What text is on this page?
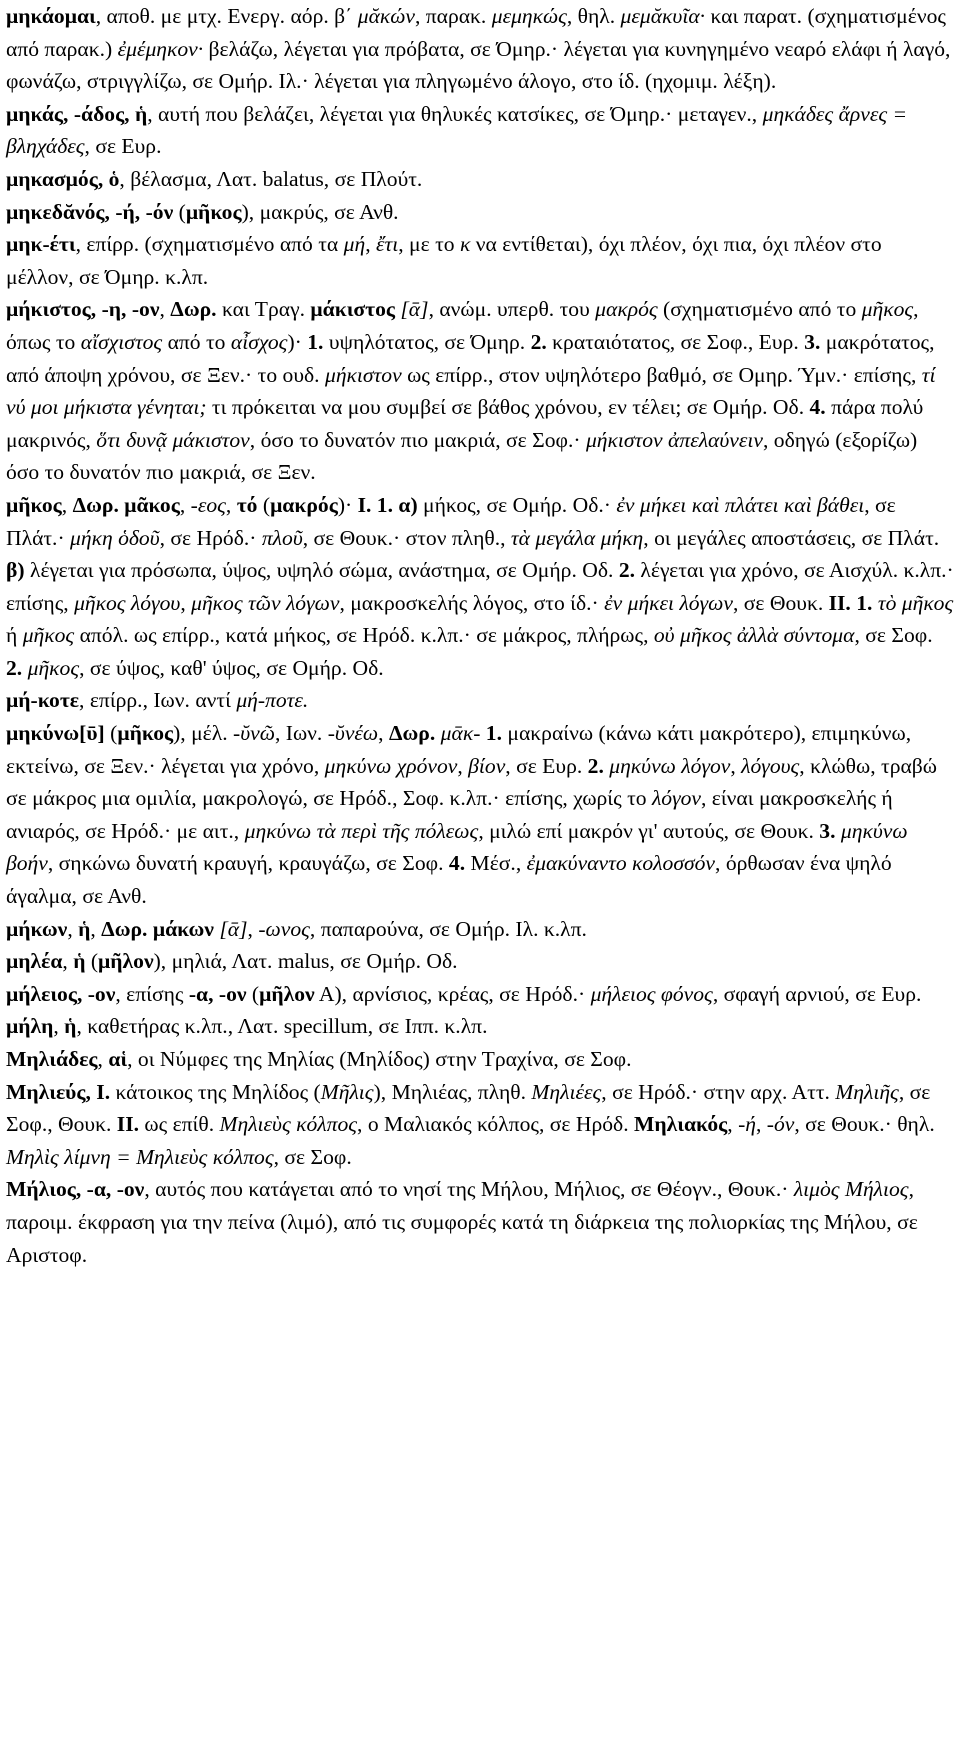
μηκάομαι, αποθ. με μτχ. Ενεργ. αόρ. β΄ μᾰκών, παρακ. μεμηκώς, θηλ. μεμᾰκυῖα· και παρατ. (σχηματισμένος από παρακ.) ἐμέμηκον· βελάζω, λέγεται για πρόβατα, σε Όμηρ.· λέγεται για κυνηγημένο νεαρό ελάφι ή λαγό, φωνάζω, στριγγλίζω, σε Ομήρ. Ιλ.· λέγεται για πληγωμένο άλογο, στο ίδ. (ηχομιμ. λέξη).

μηκάς, -άδος, ἡ, αυτή που βελάζει, λέγεται για θηλυκές κατσίκες, σε Όμηρ.· μεταγεν., μηκάδες ἄρνες = βληχάδες, σε Ευρ.

μηκασμός, ὁ, βέλασμα, Λατ. balatus, σε Πλούτ.

μηκεδᾰνός, -ή, -όν (μῆκος), μακρύς, σε Ανθ.

μηκ-έτι, επίρρ. (σχηματισμένο από τα μή, ἔτι, με το κ να εντίθεται), όχι πλέον, όχι πια, όχι πλέον στο μέλλον, σε Όμηρ. κ.λπ.

μήκιστος, -η, -ον, Δωρ. και Τραγ. μάκιστος [ᾱ], ανώμ. υπερθ. του μακρός (σχηματισμένο από το μῆκος, όπως το αἴσχιστος από το αἶσχος)· 1. υψηλότατος, σε Όμηρ. 2. κραταιότατος, σε Σοφ., Ευρ. 3. μακρότατος, από άποψη χρόνου, σε Ξεν.· το ουδ. μήκιστον ως επίρρ., στον υψηλότερο βαθμό, σε Ομηρ. Ύμν.· επίσης, τί νύ μοι μήκιστα γένηται; τι πρόκειται να μου συμβεί σε βάθος χρόνου, εν τέλει; σε Ομήρ. Οδ. 4. πάρα πολύ μακρινός, ὅτι δυνᾷ μάκιστον, όσο το δυνατόν πιο μακριά, σε Σοφ.· μήκιστον ἀπελαύνειν, οδηγώ (εξορίζω) όσο το δυνατόν πιο μακριά, σε Ξεν.

μῆκος, Δωρ. μᾶκος, -εος, τό (μακρός)· I. 1. α) μήκος, σε Ομήρ. Οδ.· ἐν μήκει καὶ πλάτει καὶ βάθει, σε Πλάτ.· μήκη ὁδοῦ, σε Ηρόδ.· πλοῦ, σε Θουκ.· στον πληθ., τὰ μεγάλα μήκη, οι μεγάλες αποστάσεις, σε Πλάτ. β) λέγεται για πρόσωπα, ύψος, υψηλό σώμα, ανάστημα, σε Ομήρ. Οδ. 2. λέγεται για χρόνο, σε Αισχύλ. κ.λπ.· επίσης, μῆκος λόγου, μῆκος τῶν λόγων, μακροσκελής λόγος, στο ίδ.· ἐν μήκει λόγων, σε Θουκ. II. 1. τὸ μῆκος ή μῆκος απόλ. ως επίρρ., κατά μήκος, σε Ηρόδ. κ.λπ.· σε μάκρος, πλήρως, οὐ μῆκος ἀλλὰ σύντομα, σε Σοφ. 2. μῆκος, σε ύψος, καθ' ύψος, σε Ομήρ. Οδ.

μή-κοτε, επίρρ., Ιων. αντί μή-ποτε.

μηκύνω[ῡ] (μῆκος), μέλ. -ῠνῶ, Ιων. -ῠνέω, Δωρ. μᾱκ- 1. μακραίνω (κάνω κάτι μακρότερο), επιμηκύνω, εκτείνω, σε Ξεν.· λέγεται για χρόνο, μηκύνω χρόνον, βίον, σε Ευρ. 2. μηκύνω λόγον, λόγους, κλώθω, τραβώ σε μάκρος μια ομιλία, μακρολογώ, σε Ηρόδ., Σοφ. κ.λπ.· επίσης, χωρίς το λόγον, είναι μακροσκελής ή ανιαρός, σε Ηρόδ.· με αιτ., μηκύνω τὰ περὶ τῆς πόλεως, μιλώ επί μακρόν γι' αυτούς, σε Θουκ. 3. μηκύνω βοήν, σηκώνω δυνατή κραυγή, κραυγάζω, σε Σοφ. 4. Μέσ., ἐμακύναντο κολοσσόν, όρθωσαν ένα ψηλό άγαλμα, σε Ανθ.

μήκων, ἡ, Δωρ. μάκων [ᾱ], -ωνος, παπαρούνα, σε Ομήρ. Ιλ. κ.λπ.

μηλέα, ἡ (μῆλον), μηλιά, Λατ. malus, σε Ομήρ. Οδ.

μήλειος, -ον, επίσης -α, -ον (μῆλον Α), αρνίσιος, κρέας, σε Ηρόδ.· μήλειος φόνος, σφαγή αρνιού, σε Ευρ.

μήλη, ἡ, καθετήρας κ.λπ., Λατ. specillum, σε Ιππ. κ.λπ.

Μηλιάδες, αἱ, οι Νύμφες της Μηλίας (Μηλίδος) στην Τραχίνα, σε Σοφ.

Μηλιεύς, I. κάτοικος της Μηλίδος (Μῆλις), Μηλιέας, πληθ. Μηλιέες, σε Ηρόδ.· στην αρχ. Αττ. Μηλιῆς, σε Σοφ., Θουκ. II. ως επίθ. Μηλιεὺς κόλπος, ο Μαλιακός κόλπος, σε Ηρόδ. Μηλιακός, -ή, -όν, σε Θουκ.· θηλ. Μηλὶς λίμνη = Μηλιεὺς κόλπος, σε Σοφ.

Μήλιος, -α, -ον, αυτός που κατάγεται από το νησί της Μήλου, Μήλιος, σε Θέογν., Θουκ.· λιμὸς Μήλιος, παροιμ. έκφραση για την πείνα (λιμό), από τις συμφορές κατά τη διάρκεια της πολιορκίας της Μήλου, σε Αριστοφ.
